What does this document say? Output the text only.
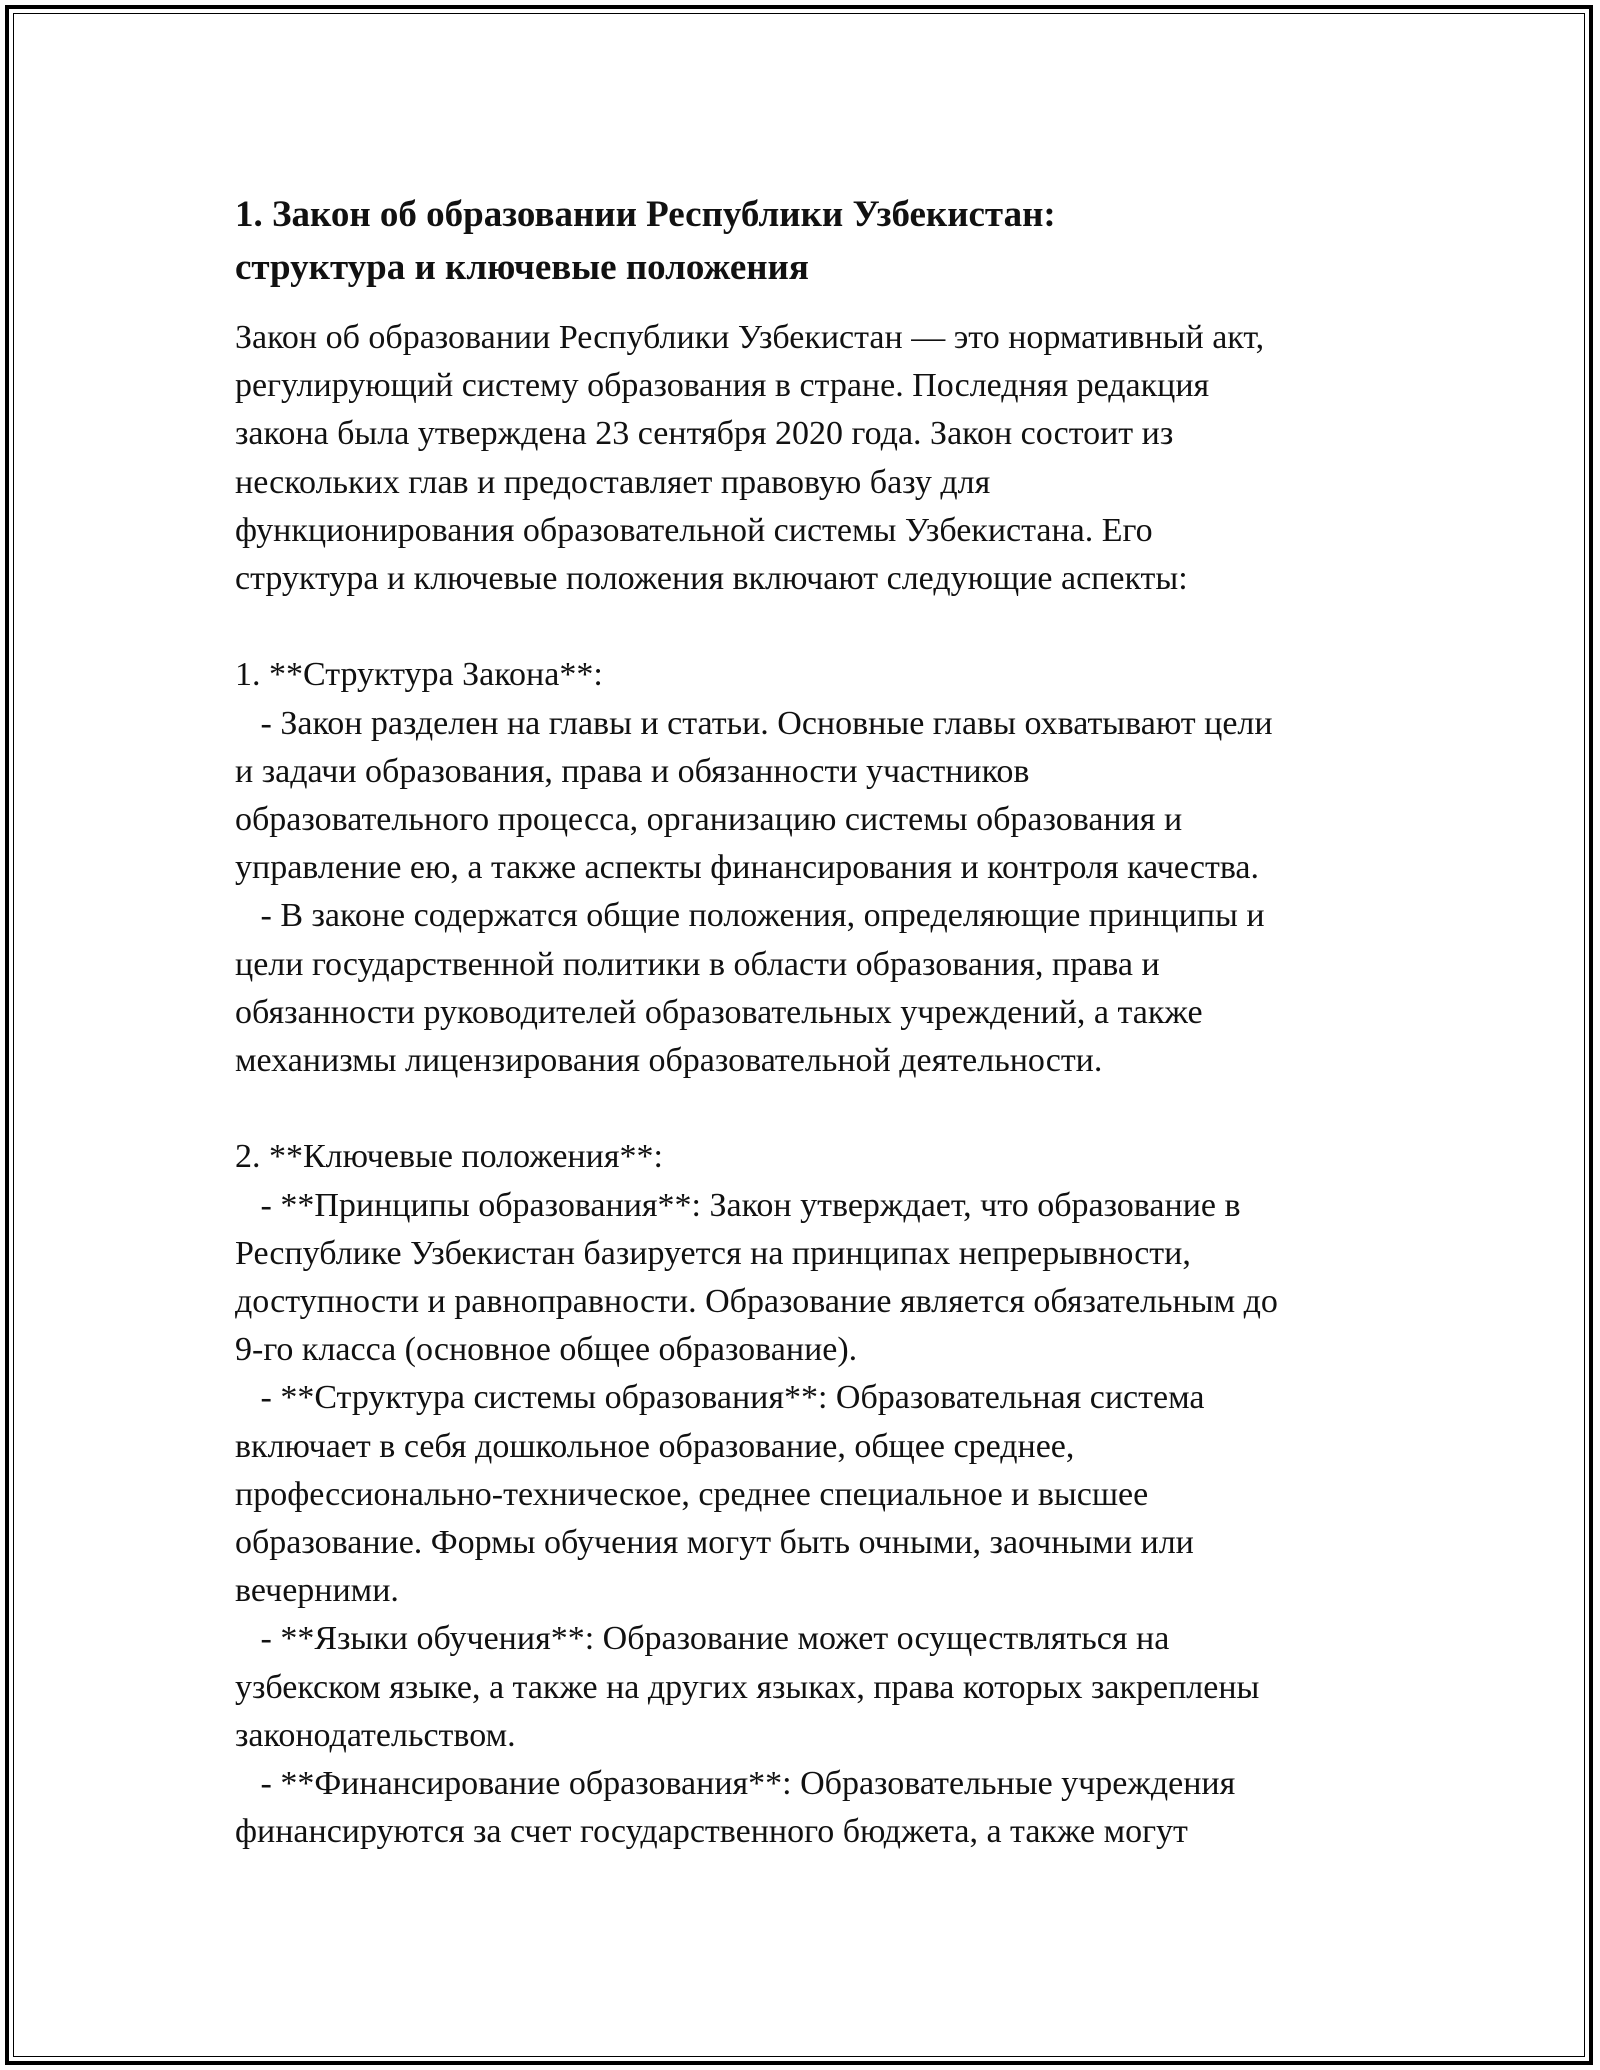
1. Закон об образовании Республики Узбекистан:
структура и ключевые положения
Закон об образовании Республики Узбекистан — это нормативный акт,
регулирующий систему образования в стране. Последняя редакция
закона была утверждена 23 сентября 2020 года. Закон состоит из
нескольких глав и предоставляет правовую базу для
функционирования образовательной системы Узбекистана. Его
структура и ключевые положения включают следующие аспекты:
1. **Структура Закона**:
- Закон разделен на главы и статьи. Основные главы охватывают цели
и задачи образования, права и обязанности участников
образовательного процесса, организацию системы образования и
управление ею, а также аспекты финансирования и контроля качества.
- В законе содержатся общие положения, определяющие принципы и
цели государственной политики в области образования, права и
обязанности руководителей образовательных учреждений, а также
механизмы лицензирования образовательной деятельности.
2. **Ключевые положения**:
- **Принципы образования**: Закон утверждает, что образование в
Республике Узбекистан базируется на принципах непрерывности,
доступности и равноправности. Образование является обязательным до
9-го класса (основное общее образование).
- **Структура системы образования**: Образовательная система
включает в себя дошкольное образование, общее среднее,
профессионально-техническое, среднее специальное и высшее
образование. Формы обучения могут быть очными, заочными или
вечерними.
- **Языки обучения**: Образование может осуществляться на
узбекском языке, а также на других языках, права которых закреплены
законодательством.
- **Финансирование образования**: Образовательные учреждения
финансируются за счет государственного бюджета, а также могут
